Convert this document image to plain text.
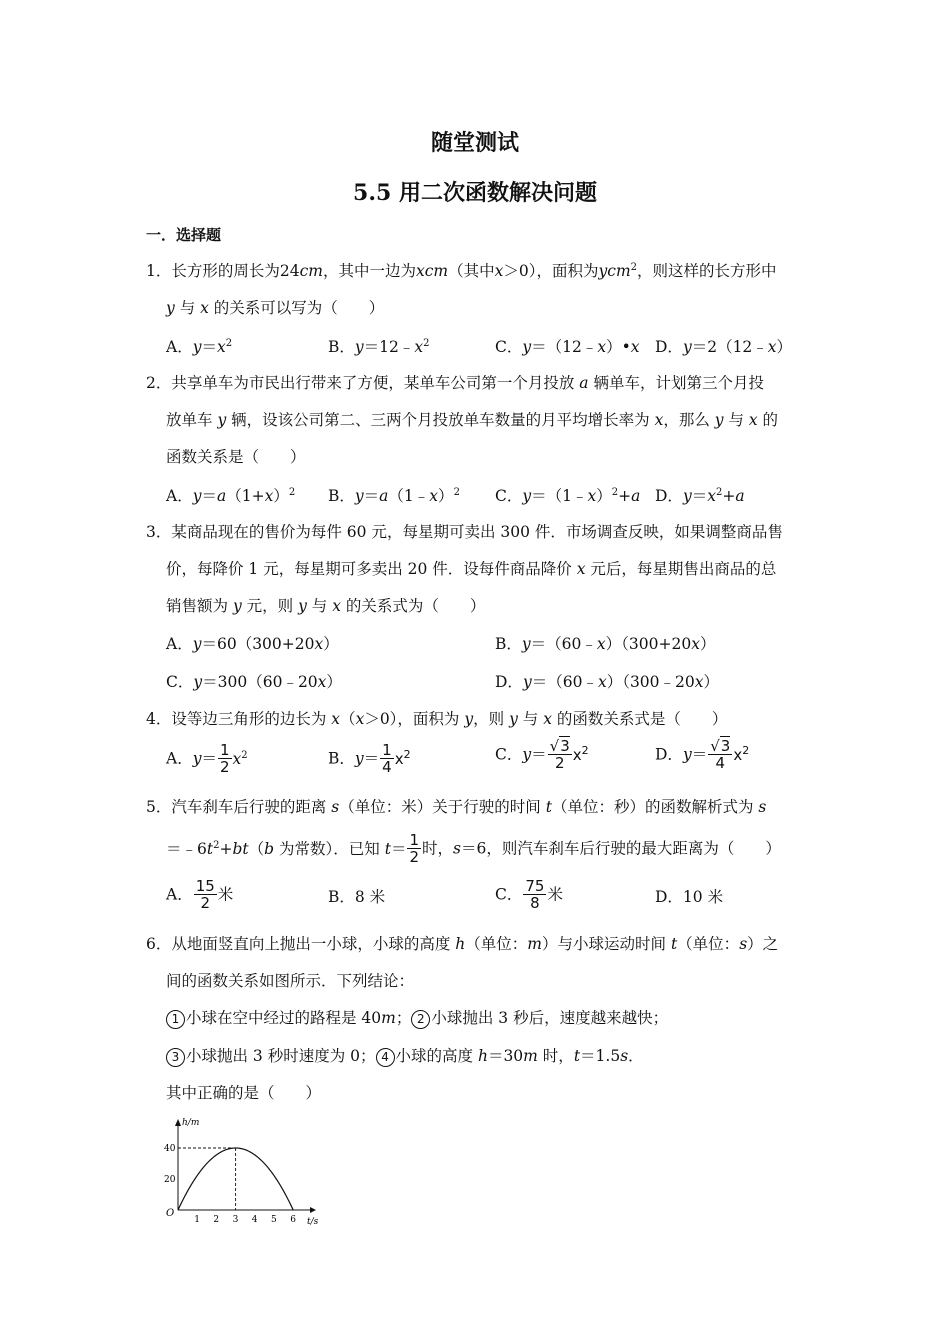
随堂测试
5.5 用二次函数解决问题
一．选择题
1．长方形的周长为24cm，其中一边为xcm（其中x＞0），面积为ycm$^2$，则这样的长方形中
y 与 x 的关系可以写为（　　）
A．$y=x^2$	B．$y=12﹣x^2$	C．y＝（12﹣x）•x D．y＝2（12﹣x）
2．共享单车为市民出行带来了方便，某单车公司第一个月投放 a 辆单车，计划第三个月投
放单车 y 辆，设该公司第二、三两个月投放单车数量的月平均增长率为 x，那么 y 与 x 的
函数关系是（　　）
A．$y=a(1+x)^2$ B．y＝a（1﹣x）$^2$ C．y＝（1﹣x）$^2$+a D．$y=x^2+a$
3．某商品现在的售价为每件 60 元，每星期可卖出 300 件．市场调查反映，如果调整商品售
价，每降价 1 元，每星期可多卖出 20 件．设每件商品降价 x 元后，每星期售出商品的总
销售额为 y 元，则 y 与 x 的关系式为（　　）
A．y＝60（300+20x）	B．y＝（60﹣x）（300+20x）
C．y＝300（60﹣20x）	D．y＝（60﹣x）（300﹣20x）
4．设等边三角形的边长为 x（x＞0），面积为 y，则 y 与 x 的函数关系式是（　　）
A．$y= \frac{1}{2} x^2$	B．$y= \frac{1}{4} x^2$	C．$y= \frac{√3}{2} x^2$	D．$y= \frac{√3}{4} x^2$
5．汽车刹车后行驶的距离 s（单位：米）关于行驶的时间 t（单位：秒）的函数解析式为 s
$=﹣6t^2+bt(b$ 为常数）．已知 $t= \frac{1}{2}$ 时，s＝6，则汽车刹车后行驶的最大距离为（　　）
A． $\frac{15}{2}$ 米	B．8 米	C． $\frac{75}{8}$ 米	D．10 米
6．从地面竖直向上抛出一小球，小球的高度 h（单位：m）与小球运动时间 t（单位：s）之
间的函数关系如图所示．下列结论：
1 小球在空中经过的路程是 40m； 2 小球抛出 3 秒后，速度越来越快；
3 小球抛出 3 秒时速度为 0； 4 小球的高度 h＝30m 时，t＝1.5s．
其中正确的是（　　）
h/m
t/s
O
1 2 3 4 5 6
20
40
